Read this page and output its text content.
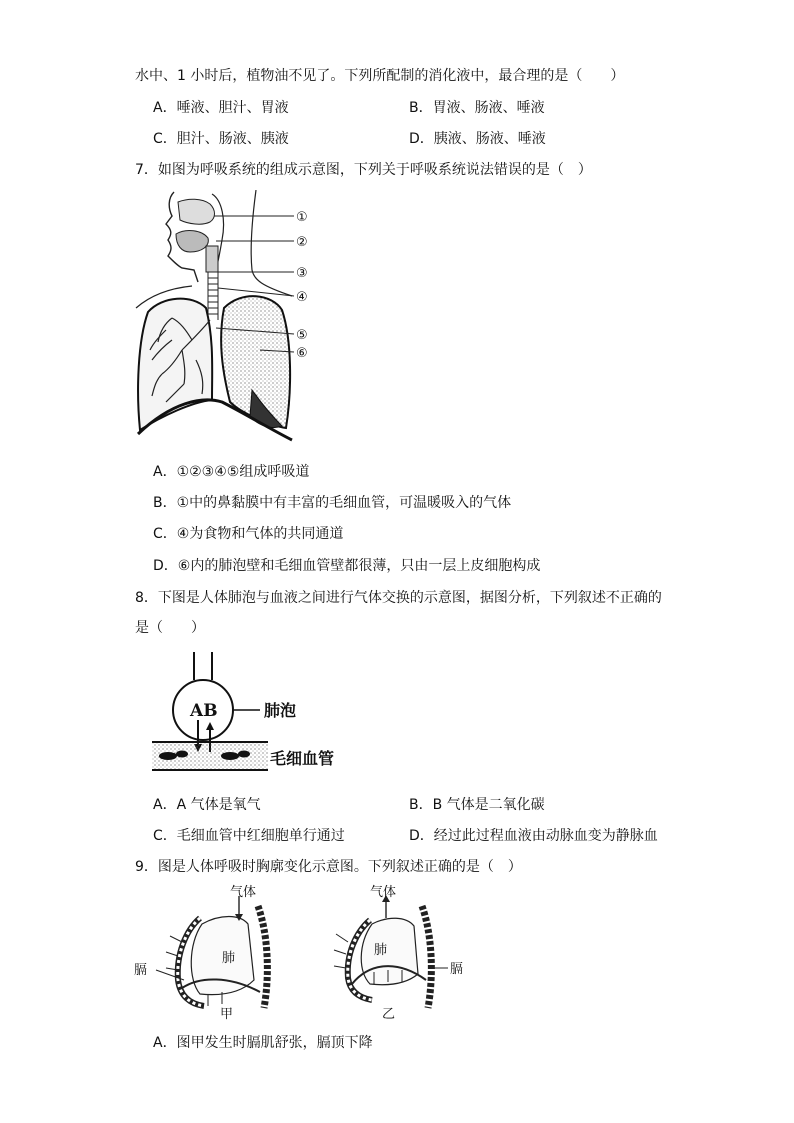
水中、1 小时后，植物油不见了。下列所配制的消化液中，最合理的是（　　）
A．唾液、胆汁、胃液	B．胃液、肠液、唾液
C．胆汁、肠液、胰液	D．胰液、肠液、唾液
7．如图为呼吸系统的组成示意图，下列关于呼吸系统说法错误的是（　）
①
②
③
④
⑤
⑥
A．①②③④⑤组成呼吸道
B．①中的鼻黏膜中有丰富的毛细血管，可温暖吸入的气体
C．④为食物和气体的共同通道
D．⑥内的肺泡壁和毛细血管壁都很薄，只由一层上皮细胞构成
8．下图是人体肺泡与血液之间进行气体交换的示意图，据图分析，下列叙述不正确的
是（　　）
AB	肺泡
毛细血管
A．A 气体是氧气	B．B 气体是二氧化碳
C．毛细血管中红细胞单行通过	D．经过此过程血液由动脉血变为静脉血
9．图是人体呼吸时胸廓变化示意图。下列叙述正确的是（　）
气体
肺
膈
甲
气体
肺
膈
乙
A．图甲发生时膈肌舒张，膈顶下降
